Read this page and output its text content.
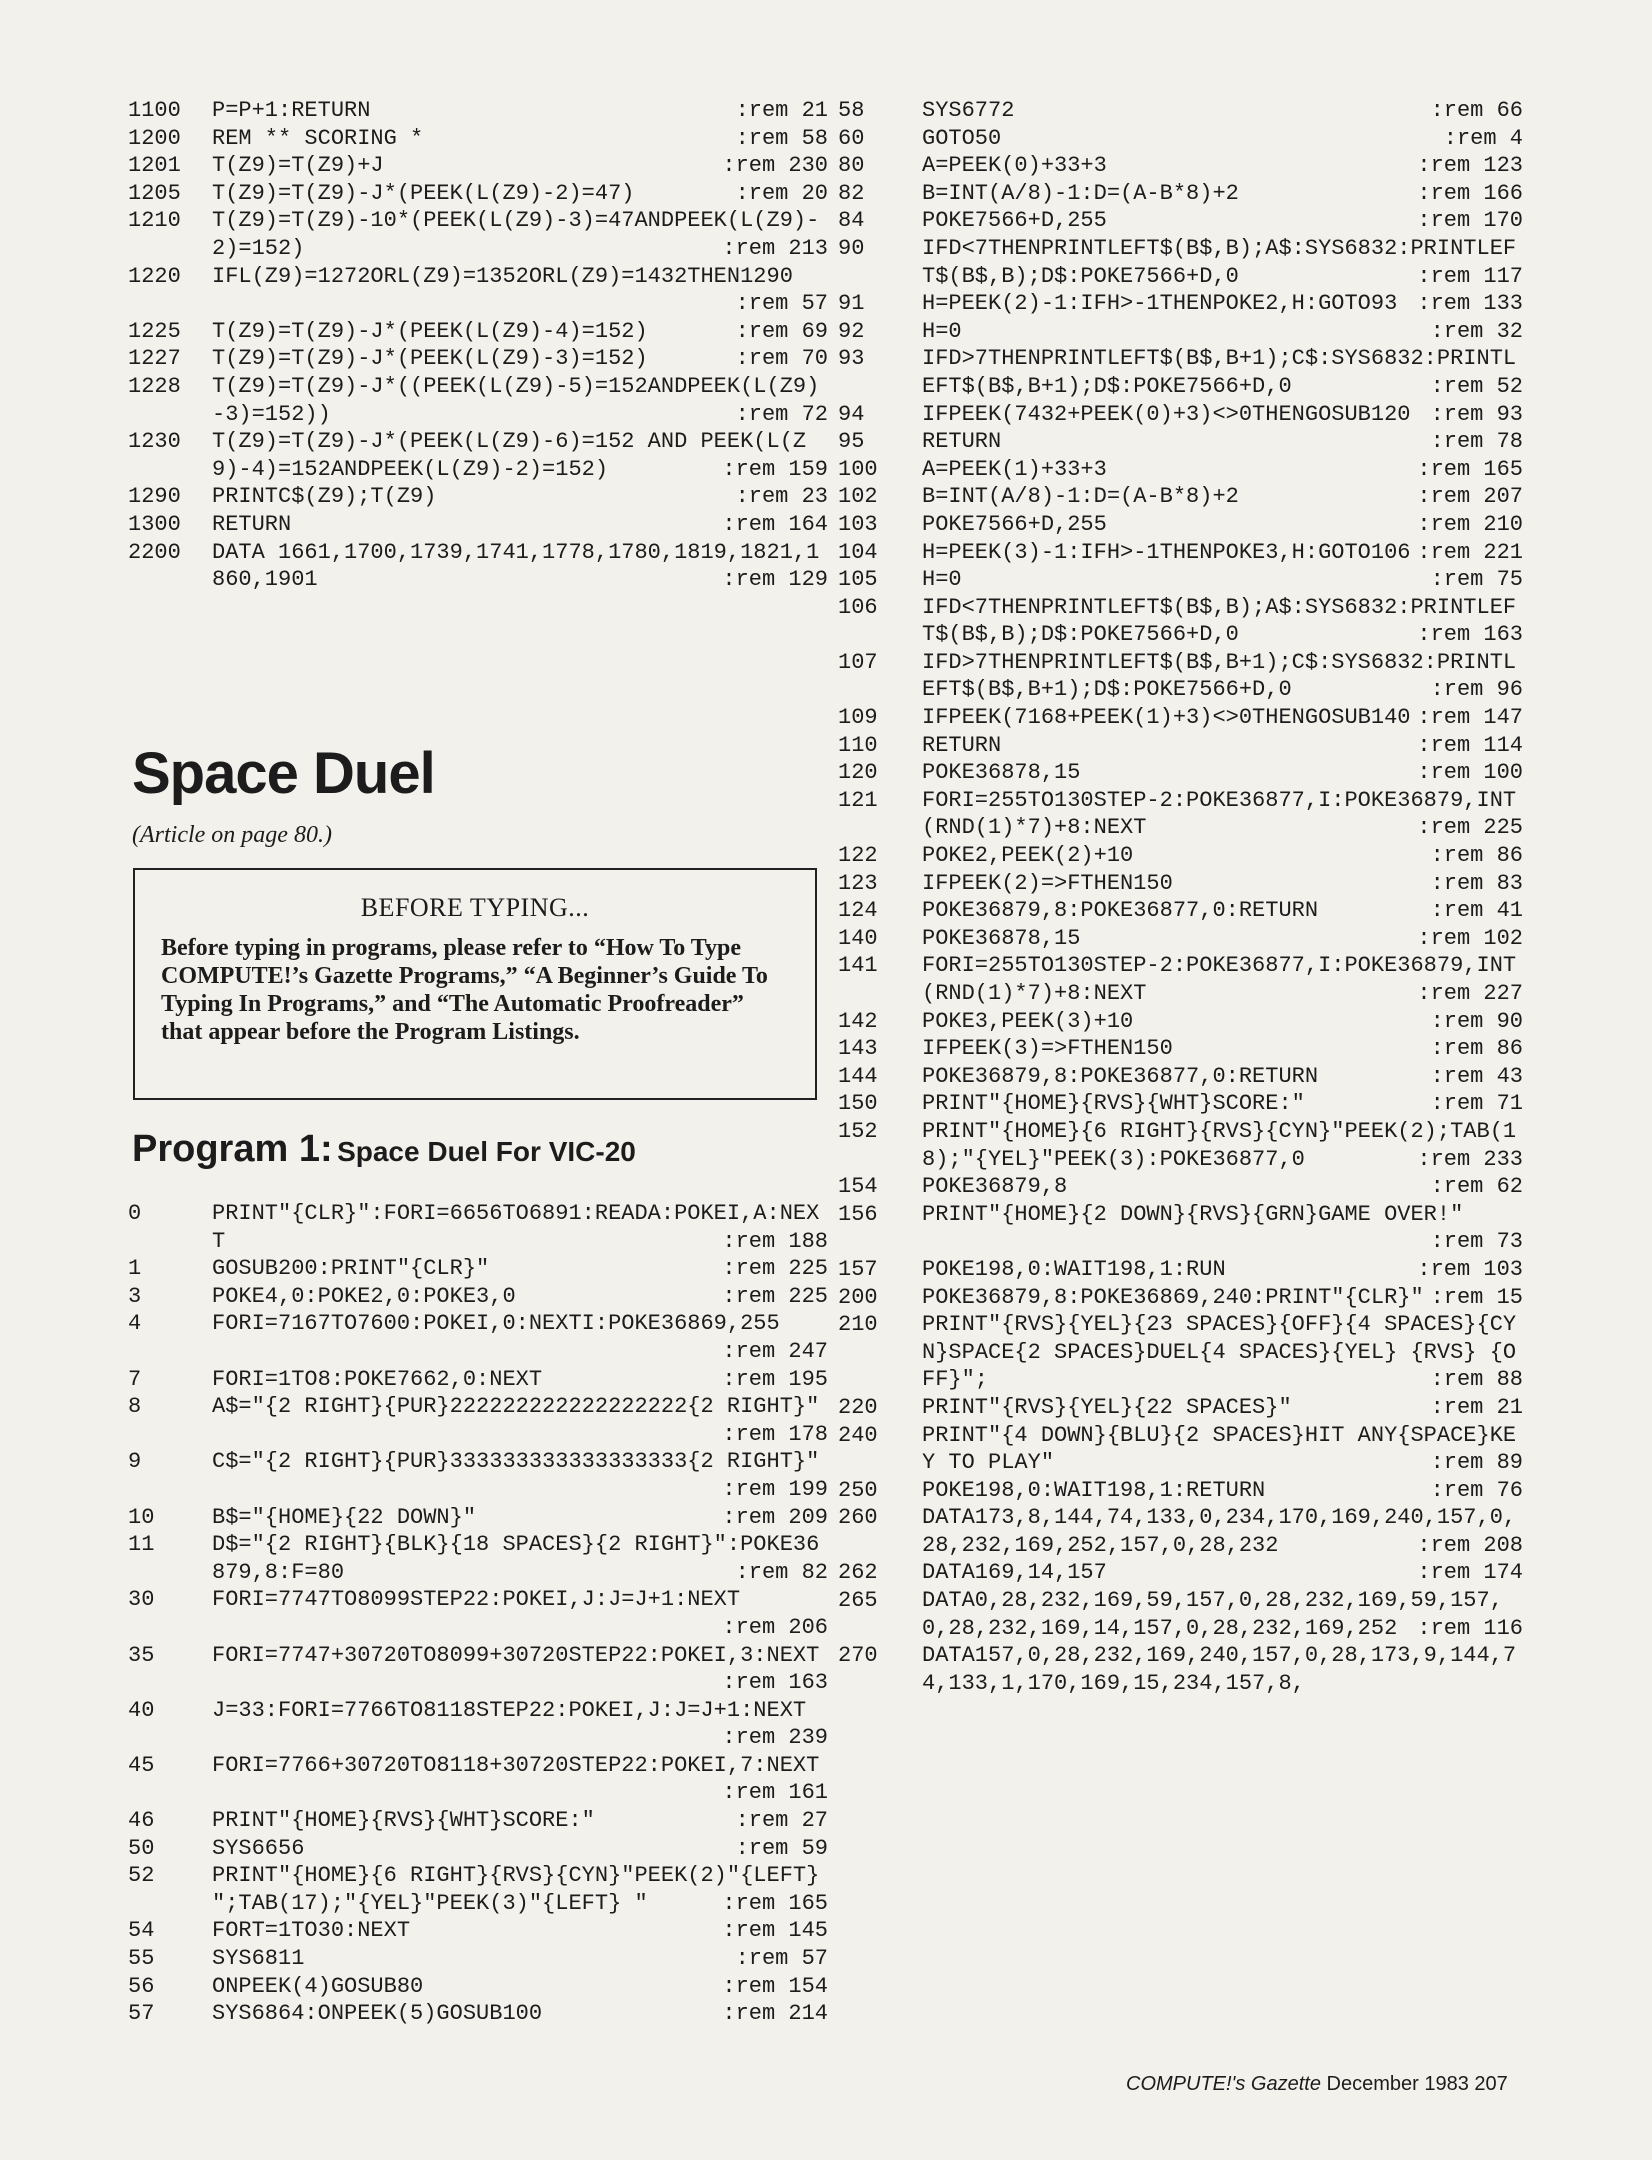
1100	P=P+1:RETURN	:rem 21
1200	REM ** SCORING *	:rem 58
1201	T(Z9)=T(Z9)+J	:rem 230
1205	T(Z9)=T(Z9)-J*(PEEK(L(Z9)-2)=47)	:rem 20
1210	T(Z9)=T(Z9)-10*(PEEK(L(Z9)-3)=47ANDPEEK(L(Z9)-2)=152)	:rem 213
1220	IFL(Z9)=1272ORL(Z9)=1352ORL(Z9)=1432THEN1290
:rem 57
1225	T(Z9)=T(Z9)-J*(PEEK(L(Z9)-4)=152)	:rem 69
1227	T(Z9)=T(Z9)-J*(PEEK(L(Z9)-3)=152)	:rem 70
1228	T(Z9)=T(Z9)-J*((PEEK(L(Z9)-5)=152ANDPEEK(L(Z9)-3)=152))	:rem 72
1230	T(Z9)=T(Z9)-J*(PEEK(L(Z9)-6)=152 AND PEEK(L(Z9)-4)=152ANDPEEK(L(Z9)-2)=152)	:rem 159
1290	PRINTC$(Z9);T(Z9)	:rem 23
1300	RETURN	:rem 164
2200	DATA 1661,1700,1739,1741,1778,1780,1819,1821,1860,1901	:rem 129
Space Duel
(Article on page 80.)
BEFORE TYPING...
Before typing in programs, please refer to “How To Type COMPUTE!’s Gazette Programs,” “A Beginner’s Guide To Typing In Programs,” and “The Automatic Proofreader” that appear before the Program Listings.
Program 1: Space Duel For VIC-20
0	PRINT"{CLR}":FORI=6656TO6891:READA:POKEI,A:NEXT	:rem 188
1	GOSUB200:PRINT"{CLR}"	:rem 225
3	POKE4,0:POKE2,0:POKE3,0	:rem 225
4	FORI=7167TO7600:POKEI,0:NEXTI:POKE36869,255
:rem 247
7	FORI=1TO8:POKE7662,0:NEXT	:rem 195
8	A$="{2 RIGHT}{PUR}222222222222222222{2 RIGHT}"
:rem 178
9	C$="{2 RIGHT}{PUR}333333333333333333{2 RIGHT}"
:rem 199
10	B$="{HOME}{22 DOWN}"	:rem 209
11	D$="{2 RIGHT}{BLK}{18 SPACES}{2 RIGHT}":POKE36879,8:F=80	:rem 82
30	FORI=7747TO8099STEP22:POKEI,J:J=J+1:NEXT
:rem 206
35	FORI=7747+30720TO8099+30720STEP22:POKEI,3:NEXT
:rem 163
40	J=33:FORI=7766TO8118STEP22:POKEI,J:J=J+1:NEXT
:rem 239
45	FORI=7766+30720TO8118+30720STEP22:POKEI,7:NEXT
:rem 161
46	PRINT"{HOME}{RVS}{WHT}SCORE:"	:rem 27
50	SYS6656	:rem 59
52	PRINT"{HOME}{6 RIGHT}{RVS}{CYN}"PEEK(2)"{LEFT} ";TAB(17);"{YEL}"PEEK(3)"{LEFT} "	:rem 165
54	FORT=1TO30:NEXT	:rem 145
55	SYS6811	:rem 57
56	ONPEEK(4)GOSUB80	:rem 154
57	SYS6864:ONPEEK(5)GOSUB100	:rem 214
58	SYS6772	:rem 66
60	GOTO50	:rem 4
80	A=PEEK(0)+33+3	:rem 123
82	B=INT(A/8)-1:D=(A-B*8)+2	:rem 166
84	POKE7566+D,255	:rem 170
90	IFD<7THENPRINTLEFT$(B$,B);A$:SYS6832:PRINTLEFT$(B$,B);D$:POKE7566+D,0	:rem 117
91	H=PEEK(2)-1:IFH>-1THENPOKE2,H:GOTO93 :rem 133
92	H=0	:rem 32
93	IFD>7THENPRINTLEFT$(B$,B+1);C$:SYS6832:PRINTLEFT$(B$,B+1);D$:POKE7566+D,0	:rem 52
94	IFPEEK(7432+PEEK(0)+3)<>0THENGOSUB120 :rem 93
95	RETURN	:rem 78
100	A=PEEK(1)+33+3	:rem 165
102	B=INT(A/8)-1:D=(A-B*8)+2	:rem 207
103	POKE7566+D,255	:rem 210
104	H=PEEK(3)-1:IFH>-1THENPOKE3,H:GOTO106 :rem 221
105	H=0	:rem 75
106	IFD<7THENPRINTLEFT$(B$,B);A$:SYS6832:PRINTLEFT$(B$,B);D$:POKE7566+D,0	:rem 163
107	IFD>7THENPRINTLEFT$(B$,B+1);C$:SYS6832:PRINTLEFT$(B$,B+1);D$:POKE7566+D,0	:rem 96
109	IFPEEK(7168+PEEK(1)+3)<>0THENGOSUB140 :rem 147
110	RETURN	:rem 114
120	POKE36878,15	:rem 100
121	FORI=255TO130STEP-2:POKE36877,I:POKE36879,INT(RND(1)*7)+8:NEXT	:rem 225
122	POKE2,PEEK(2)+10	:rem 86
123	IFPEEK(2)=>FTHEN150	:rem 83
124	POKE36879,8:POKE36877,0:RETURN	:rem 41
140	POKE36878,15	:rem 102
141	FORI=255TO130STEP-2:POKE36877,I:POKE36879,INT(RND(1)*7)+8:NEXT	:rem 227
142	POKE3,PEEK(3)+10	:rem 90
143	IFPEEK(3)=>FTHEN150	:rem 86
144	POKE36879,8:POKE36877,0:RETURN	:rem 43
150	PRINT"{HOME}{RVS}{WHT}SCORE:"	:rem 71
152	PRINT"{HOME}{6 RIGHT}{RVS}{CYN}"PEEK(2);TAB(18);"{YEL}"PEEK(3):POKE36877,0	:rem 233
154	POKE36879,8	:rem 62
156	PRINT"{HOME}{2 DOWN}{RVS}{GRN}GAME OVER!"
:rem 73
157	POKE198,0:WAIT198,1:RUN	:rem 103
200	POKE36879,8:POKE36869,240:PRINT"{CLR}" :rem 15
210	PRINT"{RVS}{YEL}{23 SPACES}{OFF}{4 SPACES}{CYN}SPACE{2 SPACES}DUEL{4 SPACES}{YEL} {RVS} {OFF}";	:rem 88
220	PRINT"{RVS}{YEL}{22 SPACES}"	:rem 21
240	PRINT"{4 DOWN}{BLU}{2 SPACES}HIT ANY{SPACE}KEY TO PLAY"	:rem 89
250	POKE198,0:WAIT198,1:RETURN	:rem 76
260	DATA173,8,144,74,133,0,234,170,169,240,157,0,28,232,169,252,157,0,28,232	:rem 208
262	DATA169,14,157	:rem 174
265	DATA0,28,232,169,59,157,0,28,232,169,59,157,0,28,232,169,14,157,0,28,232,169,252 :rem 116
270	DATA157,0,28,232,169,240,157,0,28,173,9,144,74,133,1,170,169,15,234,157,8,
COMPUTE!'s Gazette December 1983 207
